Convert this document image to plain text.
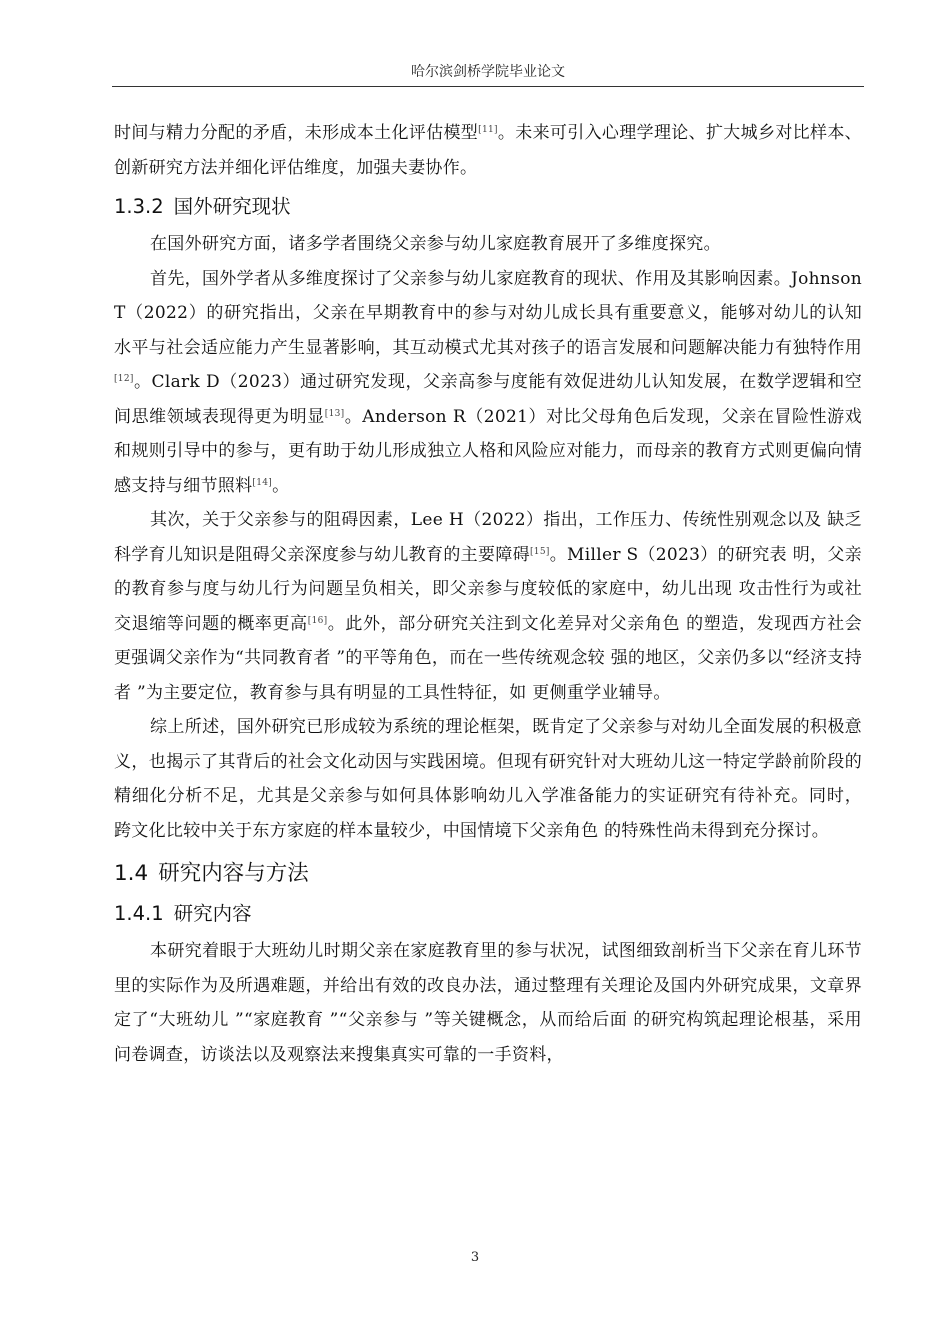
哈尔滨剑桥学院毕业论文

时间与精力分配的矛盾，未形成本土化评估模型[11]。未来可引入心理学理论、扩大城乡对比样本、创新研究方法并细化评估维度，加强夫妻协作。

1.3.2 国外研究现状

在国外研究方面，诸多学者围绕父亲参与幼儿家庭教育展开了多维度探究。

首先，国外学者从多维度探讨了父亲参与幼儿家庭教育的现状、作用及其影响因素。Johnson T（2022）的研究指出，父亲在早期教育中的参与对幼儿成长具有重要意义，能够对幼儿的认知水平与社会适应能力产生显著影响，其互动模式尤其对孩子的语言发展和问题解决能力有独特作用[12]。Clark D（2023）通过研究发现，父亲高参与度能有效促进幼儿认知发展，在数学逻辑和空间思维领域表现得更为明显[13]。Anderson R（2021）对比父母角色后发现，父亲在冒险性游戏和规则引导中的参与，更有助于幼儿形成独立人格和风险应对能力，而母亲的教育方式则更偏向情感支持与细节照料[14]。

其次，关于父亲参与的阻碍因素，Lee H（2022）指出，工作压力、传统性别观念以及 缺乏科学育儿知识是阻碍父亲深度参与幼儿教育的主要障碍[15]。Miller S（2023）的研究表 明，父亲的教育参与度与幼儿行为问题呈负相关，即父亲参与度较低的家庭中，幼儿出现 攻击性行为或社交退缩等问题的概率更高[16]。此外，部分研究关注到文化差异对父亲角色 的塑造，发现西方社会更强调父亲作为“共同教育者 ”的平等角色，而在一些传统观念较 强的地区，父亲仍多以“经济支持者 ”为主要定位，教育参与具有明显的工具性特征，如 更侧重学业辅导。

综上所述，国外研究已形成较为系统的理论框架，既肯定了父亲参与对幼儿全面发展的积极意义，也揭示了其背后的社会文化动因与实践困境。但现有研究针对大班幼儿这一特定学龄前阶段的精细化分析不足，尤其是父亲参与如何具体影响幼儿入学准备能力的实证研究有待补充。同时， 跨文化比较中关于东方家庭的样本量较少，中国情境下父亲角色 的特殊性尚未得到充分探讨。

1.4 研究内容与方法
1.4.1 研究内容

本研究着眼于大班幼儿时期父亲在家庭教育里的参与状况，试图细致剖析当下父亲在育儿环节里的实际作为及所遇难题，并给出有效的改良办法，通过整理有关理论及国内外研究成果，文章界定了“大班幼儿 ”“家庭教育 ”“父亲参与 ”等关键概念，从而给后面 的研究构筑起理论根基，采用问卷调查，访谈法以及观察法来搜集真实可靠的一手资料，

3
